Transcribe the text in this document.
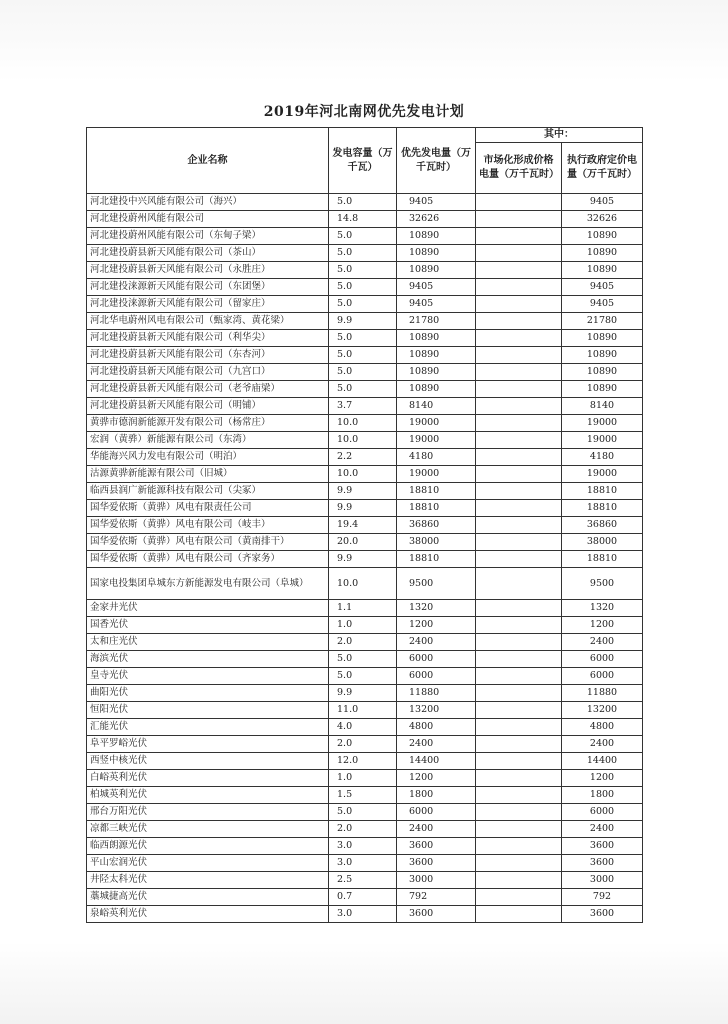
2019年河北南网优先发电计划
企业名称	发电容量（万千瓦）	优先发电量（万千瓦时）	其中：	
			市场化形成价格电量（万千瓦时）	执行政府定价电量（万千瓦时）
河北建投中兴风能有限公司（海兴）	5.0	9405		9405
河北建投蔚州风能有限公司	14.8	32626		32626
河北建投蔚州风能有限公司（东甸子梁）	5.0	10890		10890
河北建投蔚县新天风能有限公司（茶山）	5.0	10890		10890
河北建投蔚县新天风能有限公司（永胜庄）	5.0	10890		10890
河北建投涞源新天风能有限公司（东团堡）	5.0	9405		9405
河北建投涞源新天风能有限公司（留家庄）	5.0	9405		9405
河北华电蔚州风电有限公司（甄家湾、黄花梁）	9.9	21780		21780
河北建投蔚县新天风能有限公司（利华尖）	5.0	10890		10890
河北建投蔚县新天风能有限公司（东杏河）	5.0	10890		10890
河北建投蔚县新天风能有限公司（九宫口）	5.0	10890		10890
河北建投蔚县新天风能有限公司（老爷庙梁）	5.0	10890		10890
河北建投蔚县新天风能有限公司（明铺）	3.7	8140		8140
黄骅市德润新能源开发有限公司（杨常庄）	10.0	19000		19000
宏润（黄骅）新能源有限公司（东湾）	10.0	19000		19000
华能海兴风力发电有限公司（明泊）	2.2	4180		4180
沽源黄骅新能源有限公司（旧城）	10.0	19000		19000
临西县润广新能源科技有限公司（尖冢）	9.9	18810		18810
国华爱依斯（黄骅）风电有限责任公司	9.9	18810		18810
国华爱依斯（黄骅）风电有限公司（岐丰）	19.4	36860		36860
国华爱依斯（黄骅）风电有限公司（黄南排干）	20.0	38000		38000
国华爱依斯（黄骅）风电有限公司（齐家务）	9.9	18810		18810
国家电投集团阜城东方新能源发电有限公司（阜城）	10.0	9500		9500
金家井光伏	1.1	1320		1320
国香光伏	1.0	1200		1200
太和庄光伏	2.0	2400		2400
海滨光伏	5.0	6000		6000
皇寺光伏	5.0	6000		6000
曲阳光伏	9.9	11880		11880
恒阳光伏	11.0	13200		13200
汇能光伏	4.0	4800		4800
阜平罗峪光伏	2.0	2400		2400
西竖中核光伏	12.0	14400		14400
白峪英利光伏	1.0	1200		1200
柏城英利光伏	1.5	1800		1800
邢台万阳光伏	5.0	6000		6000
凉都三峡光伏	2.0	2400		2400
临西朗源光伏	3.0	3600		3600
平山宏润光伏	3.0	3600		3600
井陉太科光伏	2.5	3000		3000
藁城捷高光伏	0.7	792		792
泉峪英利光伏	3.0	3600		3600
